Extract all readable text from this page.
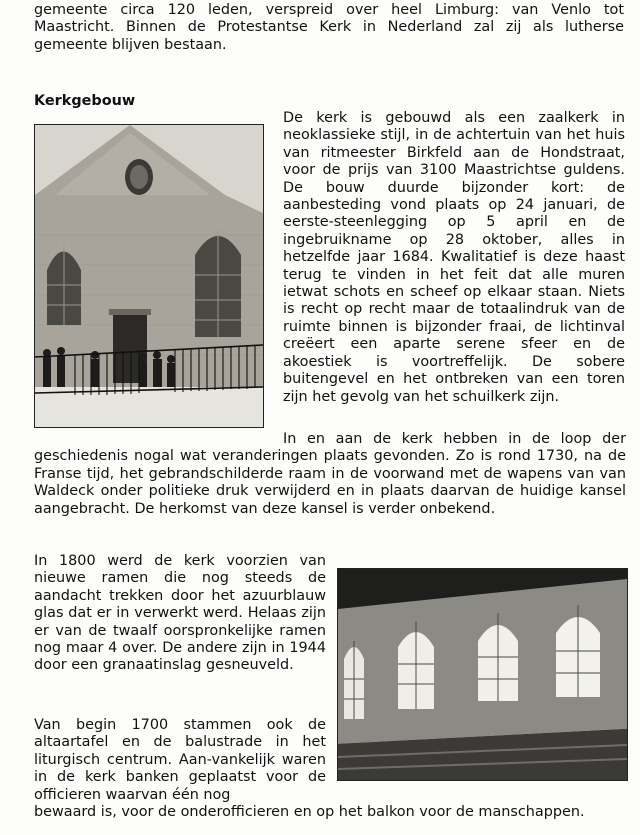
gemeente circa 120 leden, verspreid over heel Limburg: van Venlo tot Maastricht. Binnen de Protestantse Kerk in Nederland zal zij als lutherse gemeente blijven bestaan.

Kerkgebouw

De kerk is gebouwd als een zaalkerk in neoklassieke stijl, in de achtertuin van het huis van ritmeester Birkfeld aan de Hondstraat, voor de prijs van 3100 Maastrichtse guldens. De bouw duurde bijzonder kort: de aanbesteding vond plaats op 24 januari, de eerste-steenlegging op 5 april en de ingebruikname op 28 oktober, alles in hetzelfde jaar 1684. Kwalitatief is deze haast terug te vinden in het feit dat alle muren ietwat schots en scheef op elkaar staan. Niets is recht op recht maar de totaalindruk van de ruimte binnen is bijzonder fraai, de lichtinval creëert een aparte serene sfeer en de akoestiek is voortreffelijk. De sobere buitengevel en het ontbreken van een toren zijn het gevolg van het schuilkerk zijn.

In en aan de kerk hebben in de loop der geschiedenis nogal wat veranderingen plaats gevonden. Zo is rond 1730, na de Franse tijd, het gebrandschilderde raam in de voorwand met de wapens van van Waldeck onder politieke druk verwijderd en in plaats daarvan de huidige kansel aangebracht. De herkomst van deze kansel is verder onbekend.

In 1800 werd de kerk voorzien van nieuwe ramen die nog steeds de aandacht trekken door het azuurblauw glas dat er in verwerkt werd. Helaas zijn er van de twaalf oorspronkelijke ramen nog maar 4 over. De andere zijn in 1944 door een granaatinslag gesneuveld.

Van begin 1700 stammen ook de altaartafel en de balustrade in het liturgisch centrum. Aan-vankelijk waren in de kerk banken geplaatst voor de officieren waarvan één nog

bewaard is, voor de onderofficieren en op het balkon voor de manschappen.
